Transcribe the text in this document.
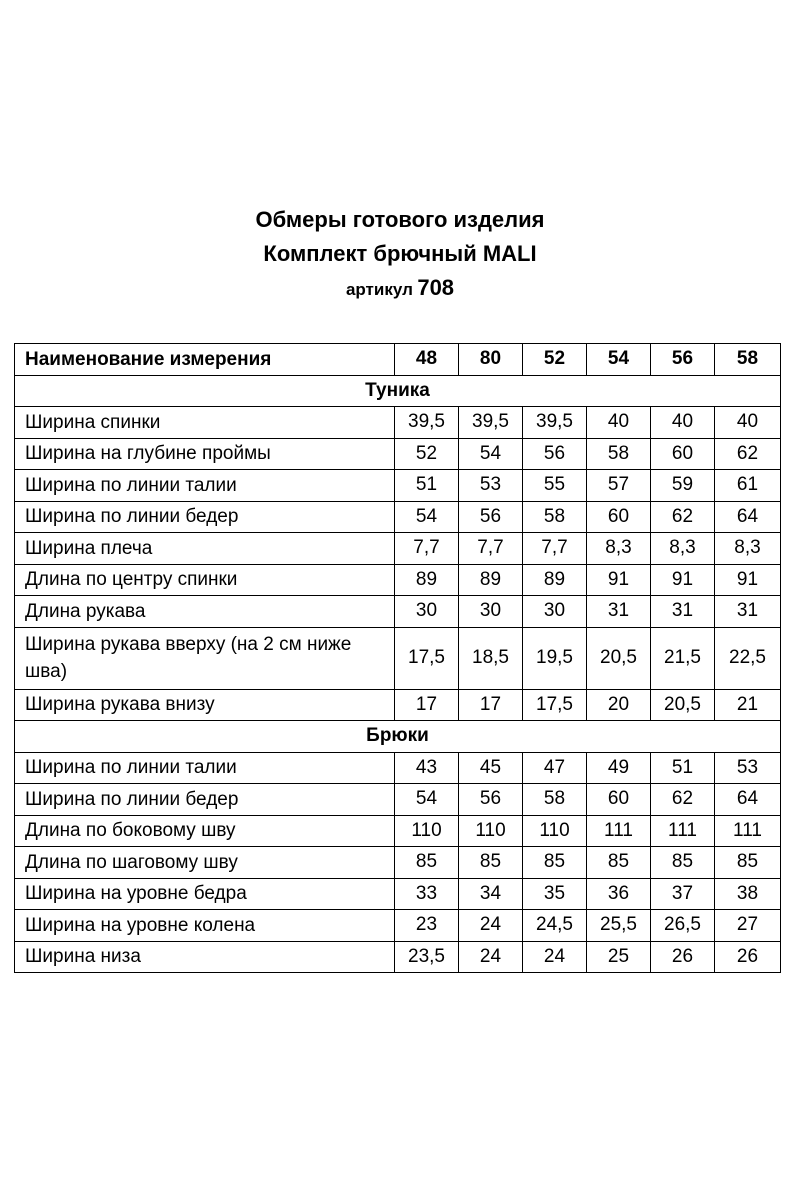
Обмеры готового изделия
Комплект брючный MALI
артикул 708
Наименование измерения	48	80	52	54	56	58
Туника						
Ширина спинки	39,5	39,5	39,5	40	40	40
Ширина на глубине проймы	52	54	56	58	60	62
Ширина по линии талии	51	53	55	57	59	61
Ширина по линии бедер	54	56	58	60	62	64
Ширина плеча	7,7	7,7	7,7	8,3	8,3	8,3
Длина по центру спинки	89	89	89	91	91	91
Длина рукава	30	30	30	31	31	31
Ширина рукава вверху (на 2 см ниже шва)	17,5	18,5	19,5	20,5	21,5	22,5
Ширина рукава внизу	17	17	17,5	20	20,5	21
Брюки						
Ширина по линии талии	43	45	47	49	51	53
Ширина по линии бедер	54	56	58	60	62	64
Длина по боковому шву	110	110	110	111	111	111
Длина по шаговому шву	85	85	85	85	85	85
Ширина на уровне бедра	33	34	35	36	37	38
Ширина на уровне колена	23	24	24,5	25,5	26,5	27
Ширина низа	23,5	24	24	25	26	26
